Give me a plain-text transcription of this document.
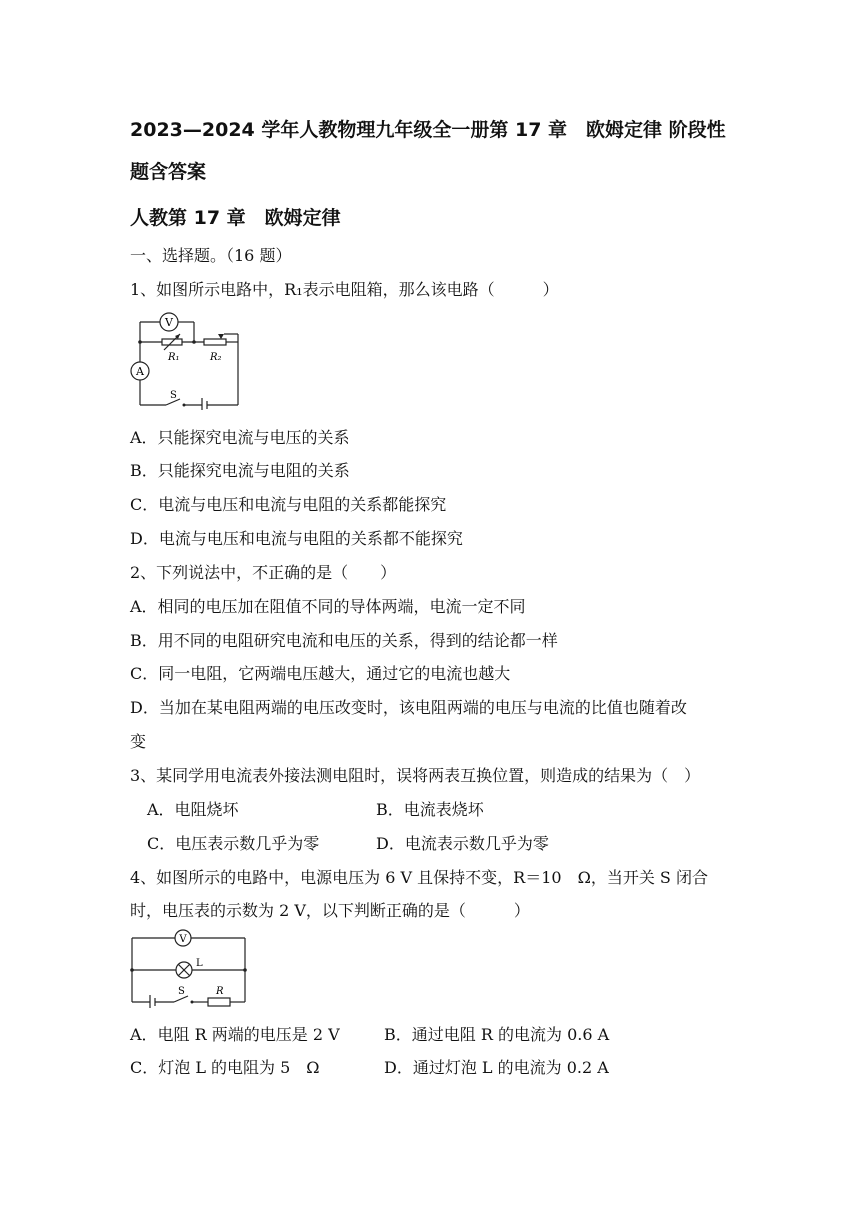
2023—2024 学年人教物理九年级全一册第 17 章　欧姆定律 阶段性
题含答案
人教第 17 章　欧姆定律
一、选择题。（16 题）
1、如图所示电路中，R₁表示电阻箱，那么该电路（　　　）
V
A
R₁	R₂
S
A．只能探究电流与电压的关系
B．只能探究电流与电阻的关系
C．电流与电压和电流与电阻的关系都能探究
D．电流与电压和电流与电阻的关系都不能探究
2、下列说法中，不正确的是（　　）
A．相同的电压加在阻值不同的导体两端，电流一定不同
B．用不同的电阻研究电流和电压的关系，得到的结论都一样
C．同一电阻，它两端电压越大，通过它的电流也越大
D．当加在某电阻两端的电压改变时，该电阻两端的电压与电流的比值也随着改
变
3、某同学用电流表外接法测电阻时，误将两表互换位置，则造成的结果为（　）
A．电阻烧坏	B．电流表烧坏
C．电压表示数几乎为零	D．电流表示数几乎为零
4、如图所示的电路中，电源电压为 6 V 且保持不变，R＝10　Ω，当开关 S 闭合
时，电压表的示数为 2 V，以下判断正确的是（　　　）
V
L
S	R
A．电阻 R 两端的电压是 2 V	B．通过电阻 R 的电流为 0.6 A
C．灯泡 L 的电阻为 5　Ω	D．通过灯泡 L 的电流为 0.2 A
